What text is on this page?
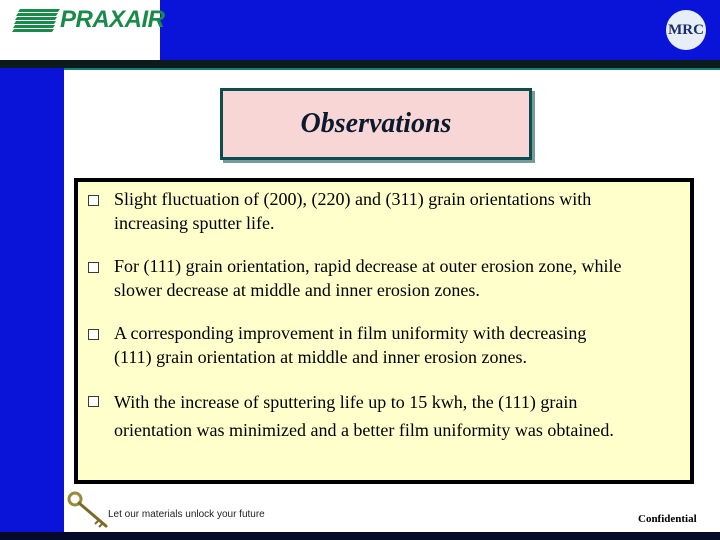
PRAXAIR	MRC
Observations
Slight fluctuation of (200), (220) and (311) grain orientations with
increasing sputter life.
For (111) grain orientation, rapid decrease at outer erosion zone, while
slower decrease at middle and inner erosion zones.
A corresponding improvement in film uniformity with decreasing
(111) grain orientation at middle and inner erosion zones.
With the increase of sputtering life up to 15 kwh, the (111) grain
orientation was minimized and a better film uniformity was obtained.
Let our materials unlock your future	Confidential
